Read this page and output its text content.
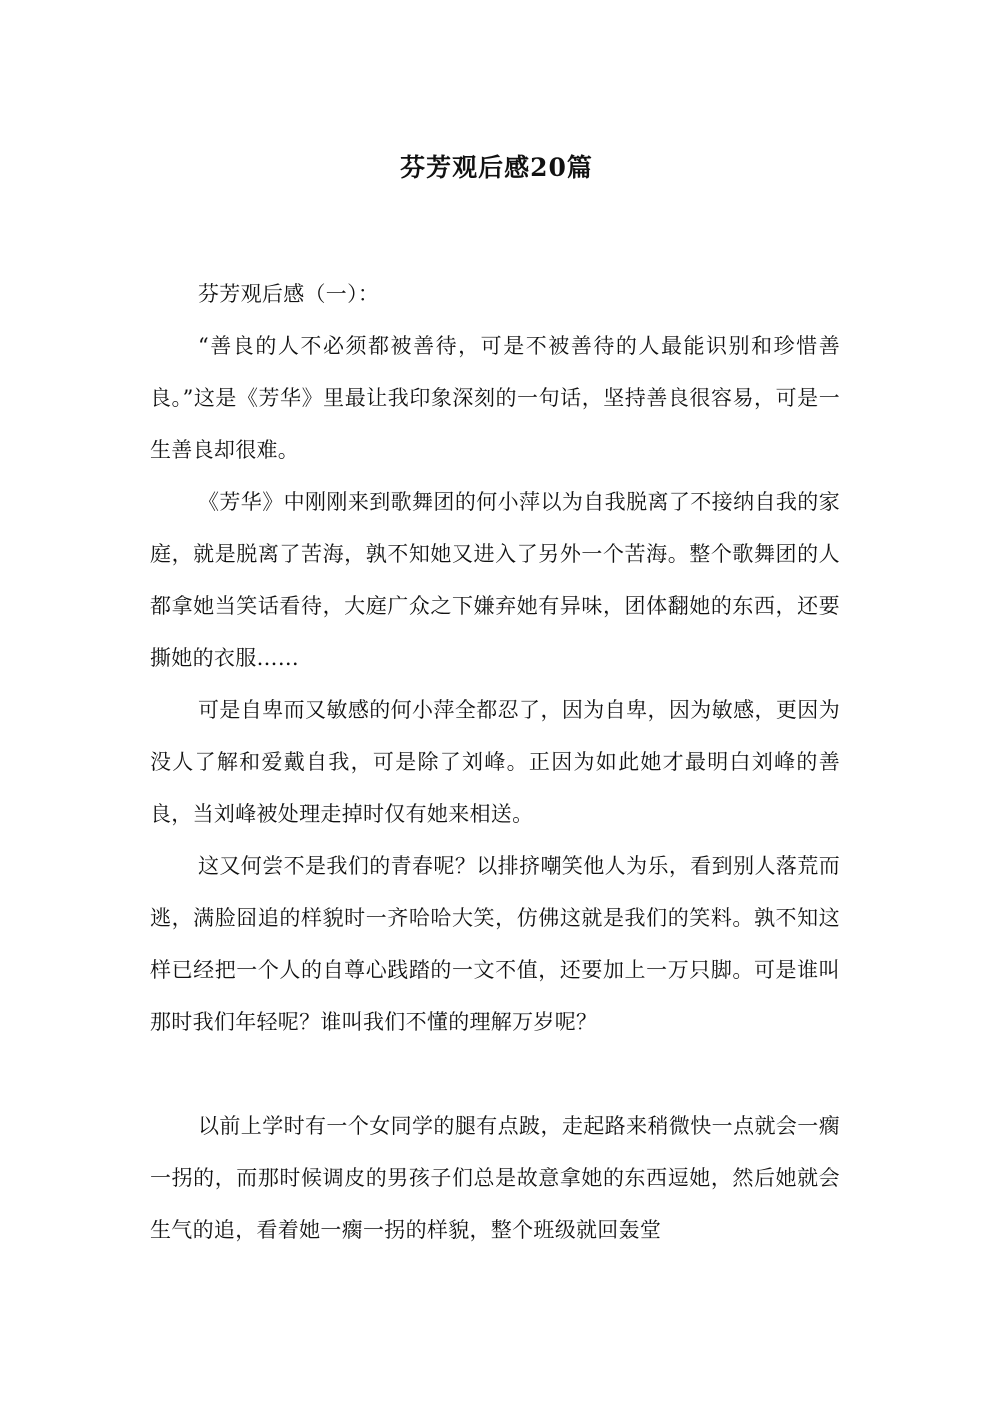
芬芳观后感20篇

芬芳观后感（一）：

“善良的人不必须都被善待，可是不被善待的人最能识别和珍惜善良。”这是《芳华》里最让我印象深刻的一句话，坚持善良很容易，可是一生善良却很难。

《芳华》中刚刚来到歌舞团的何小萍以为自我脱离了不接纳自我的家庭，就是脱离了苦海，孰不知她又进入了另外一个苦海。整个歌舞团的人都拿她当笑话看待，大庭广众之下嫌弃她有异味，团体翻她的东西，还要撕她的衣服……

可是自卑而又敏感的何小萍全都忍了，因为自卑，因为敏感，更因为没人了解和爱戴自我，可是除了刘峰。正因为如此她才最明白刘峰的善良，当刘峰被处理走掉时仅有她来相送。

这又何尝不是我们的青春呢？以排挤嘲笑他人为乐，看到别人落荒而逃，满脸囧追的样貌时一齐哈哈大笑，仿佛这就是我们的笑料。孰不知这样已经把一个人的自尊心践踏的一文不值，还要加上一万只脚。可是谁叫那时我们年轻呢？谁叫我们不懂的理解万岁呢？

以前上学时有一个女同学的腿有点跛，走起路来稍微快一点就会一瘸一拐的，而那时候调皮的男孩子们总是故意拿她的东西逗她，然后她就会生气的追，看着她一瘸一拐的样貌，整个班级就回轰堂
